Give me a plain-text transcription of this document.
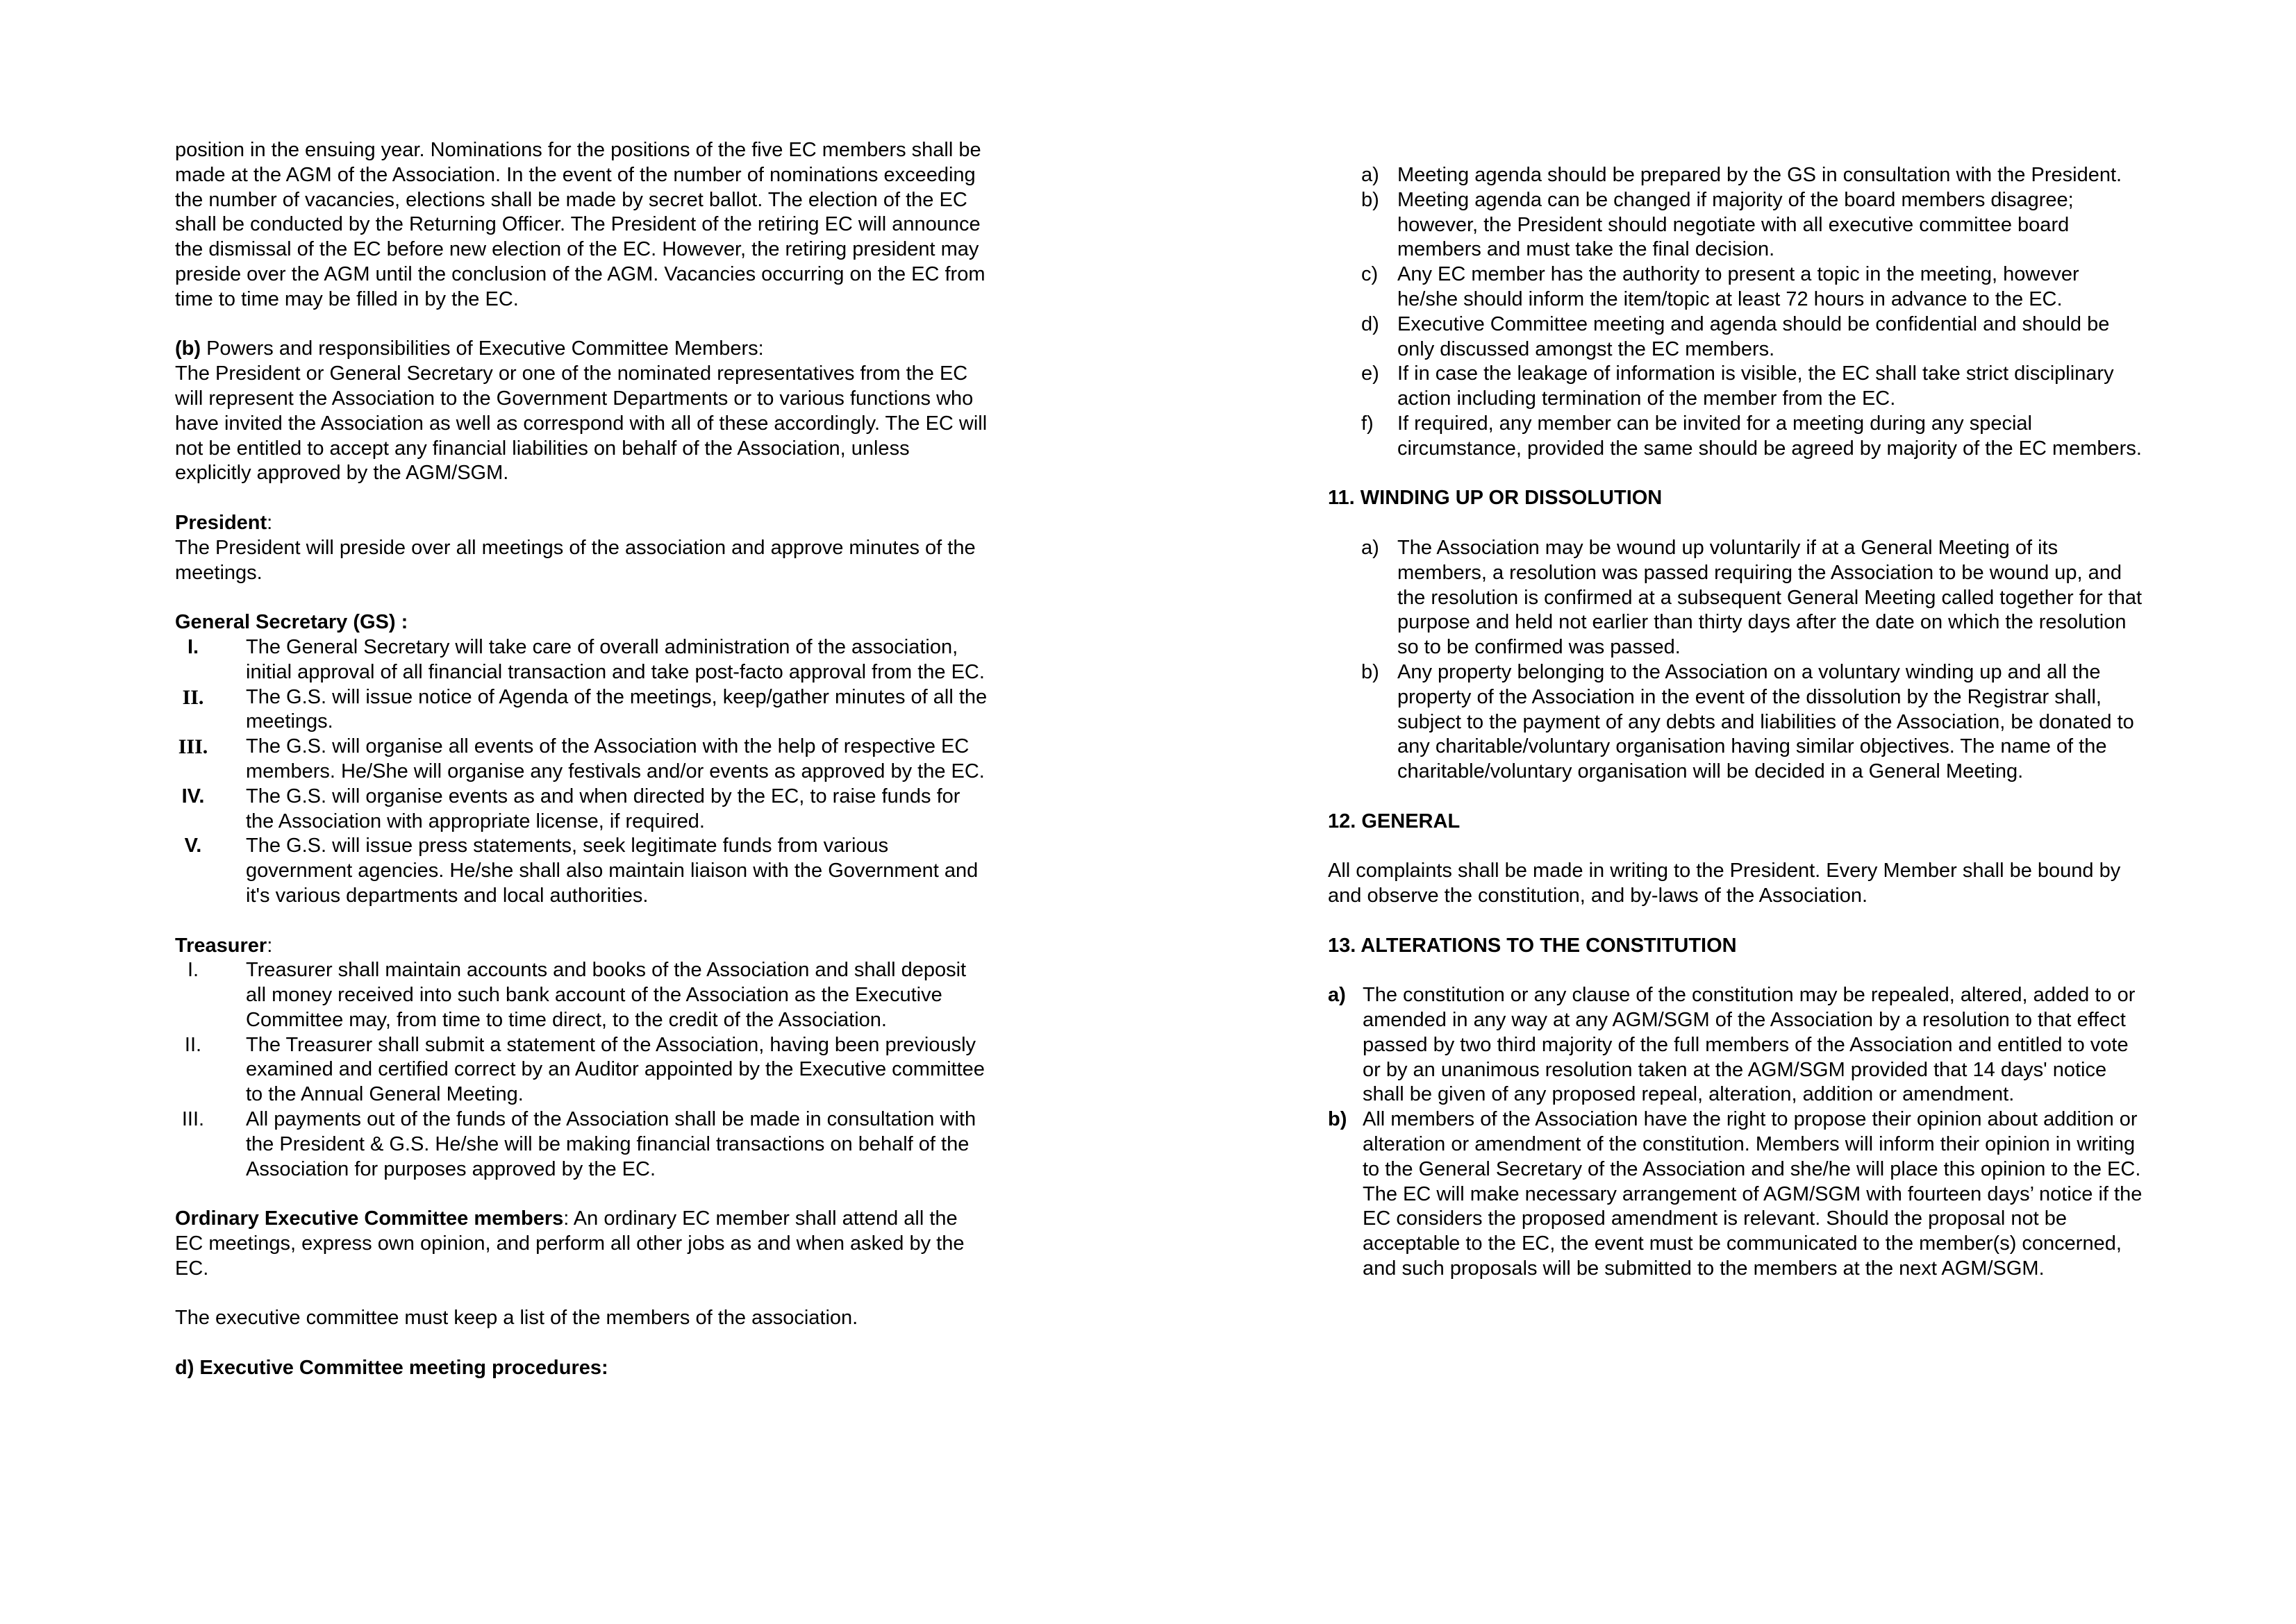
position in the ensuing year. Nominations for the positions of the five EC members shall be made at the AGM of the Association. In the event of the number of nominations exceeding the number of vacancies, elections shall be made by secret ballot. The election of the EC shall be conducted by the Returning Officer. The President of the retiring EC will announce the dismissal of the EC before new election of the EC. However, the retiring president may preside over the AGM until the conclusion of the AGM. Vacancies occurring on the EC from time to time may be filled in by the EC.

(b) Powers and responsibilities of Executive Committee Members:

The President or General Secretary or one of the nominated representatives from the EC will represent the Association to the Government Departments or to various functions who have invited the Association as well as correspond with all of these accordingly. The EC will not be entitled to accept any financial liabilities on behalf of the Association, unless explicitly approved by the AGM/SGM.

President:

The President will preside over all meetings of the association and approve minutes of the meetings.

General Secretary (GS) :

I.	The General Secretary will take care of overall administration of the association, initial approval of all financial transaction and take post-facto approval from the EC.
II.	The G.S. will issue notice of Agenda of the meetings, keep/gather minutes of all the meetings.
III. The G.S. will organise all events of the Association with the help of respective EC members. He/She will organise any festivals and/or events as approved by the EC.
IV.	The G.S. will organise events as and when directed by the EC, to raise funds for the Association with appropriate license, if required.
V.	The G.S. will issue press statements, seek legitimate funds from various government agencies. He/she shall also maintain liaison with the Government and it's various departments and local authorities.

Treasurer:

I.	Treasurer shall maintain accounts and books of the Association and shall deposit all money received into such bank account of the Association as the Executive Committee may, from time to time direct, to the credit of the Association.
II.	The Treasurer shall submit a statement of the Association, having been previously examined and certified correct by an Auditor appointed by the Executive committee to the Annual General Meeting.
III.	All payments out of the funds of the Association shall be made in consultation with the President & G.S. He/she will be making financial transactions on behalf of the Association for purposes approved by the EC.

Ordinary Executive Committee members: An ordinary EC member shall attend all the EC meetings, express own opinion, and perform all other jobs as and when asked by the EC.

The executive committee must keep a list of the members of the association.

d) Executive Committee meeting procedures:

a) Meeting agenda should be prepared by the GS in consultation with the President.
b) Meeting agenda can be changed if majority of the board members disagree; however, the President should negotiate with all executive committee board members and must take the final decision.
c) Any EC member has the authority to present a topic in the meeting, however he/she should inform the item/topic at least 72 hours in advance to the EC.
d) Executive Committee meeting and agenda should be confidential and should be only discussed amongst the EC members.
e) If in case the leakage of information is visible, the EC shall take strict disciplinary action including termination of the member from the EC.
f) If required, any member can be invited for a meeting during any special circumstance, provided the same should be agreed by majority of the EC members.

11. WINDING UP OR DISSOLUTION

a) The Association may be wound up voluntarily if at a General Meeting of its members, a resolution was passed requiring the Association to be wound up, and the resolution is confirmed at a subsequent General Meeting called together for that purpose and held not earlier than thirty days after the date on which the resolution so to be confirmed was passed.
b) Any property belonging to the Association on a voluntary winding up and all the property of the Association in the event of the dissolution by the Registrar shall, subject to the payment of any debts and liabilities of the Association, be donated to any charitable/voluntary organisation having similar objectives. The name of the charitable/voluntary organisation will be decided in a General Meeting.

12. GENERAL

All complaints shall be made in writing to the President. Every Member shall be bound by and observe the constitution, and by-laws of the Association.

13. ALTERATIONS TO THE CONSTITUTION

a) The constitution or any clause of the constitution may be repealed, altered, added to or amended in any way at any AGM/SGM of the Association by a resolution to that effect passed by two third majority of the full members of the Association and entitled to vote or by an unanimous resolution taken at the AGM/SGM provided that 14 days' notice shall be given of any proposed repeal, alteration, addition or amendment.
b) All members of the Association have the right to propose their opinion about addition or alteration or amendment of the constitution. Members will inform their opinion in writing to the General Secretary of the Association and she/he will place this opinion to the EC. The EC will make necessary arrangement of AGM/SGM with fourteen days’ notice if the EC considers the proposed amendment is relevant. Should the proposal not be acceptable to the EC, the event must be communicated to the member(s) concerned, and such proposals will be submitted to the members at the next AGM/SGM.
